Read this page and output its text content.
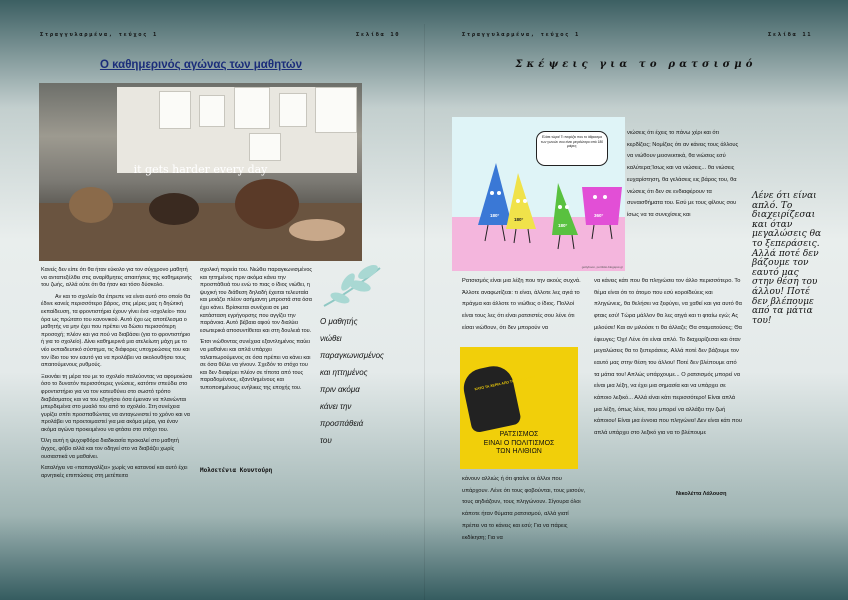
Στραγγυλαρμένα, τεύχος 1	Σελίδα 10
Ο καθημερινός αγώνας των μαθητών
it gets harder every day

Κανείς δεν είπε ότι θα ήταν εύκολο για τον σύγχρονο μαθητή να ανταπεξέλθει στις αναρίθμητες απαιτήσεις της καθημερινής του ζωής, αλλά ούτε ότι θα ήταν και τόσο δύσκολο.

Αν και το σχολείο θα έπρεπε να είναι αυτό στο οποίο θα έδινε κανείς περισσότερο βάρος, στις μέρες μας η δηώτική εκπαίδευση, τα φροντιστήρια έχουν γίνει ένα «σχολείο» που όρα ως πρώτατο του κανονικού. Αυτό έχει ως αποτέλεσμα ο μαθητής να μην έχει που πρέπει να δώσει περισσότερη προσοχή; πλέον και για πού να διαβάσει (για το φροντιστήριο ή για το σχολείο). Δίνει καθημερινά μια ατελείωτη μάχη με το νέο εκπαιδευτικό σύστημα, τις διάφορες υποχρεώσεις του και τον ίδιο του τον εαυτό για να προλάβει να ακολουθήσει τους απαιτούμενους ρυθμούς.

Ξεκινάει τη μέρα του με το σχολείο παλεύοντας να αφομοιώσει όσο το δυνατόν περισσότερες γνώσεις, κατόπιν σπεύδει στο φροντιστήριο για να τον κατευθύνει στο σωστό τρόπο διαβάσματος και να του εξηγήσει όσα έμειναν να πλανώνται μπερδεμένα στο μυαλό του από το σχολείο. Στη συνέχεια γυρίζει σπίτι προσπαθώντας να ανταγωνιστεί το χρόνο και να προλάβει να προετοιμαστεί για μια ακόμα μέρα, για έναν ακόμα αγώνα προκειμένου να φτάσει στο στόχο του.

Όλη αυτή η ψυχοφθόρα διαδικασία προκαλεί στο μαθητή άγχος, φόβο αλλά και τον οδηγεί στο να διαβάζει χωρίς ουσιαστικά να μαθαίνει.

Καταλήγει να «παπαγαλίζει» χωρίς να κατανοεί και αυτό έχει αρνητικές επιπτώσεις στη μετέπειτα

σχολική πορεία του. Νιώθει παραγκωνισμένος και ηττημένος πριν ακόμα κάνει την προσπάθειά του ενώ το πιας ο ίδιος νιώθει, η ψυχική του διάθεση δηλαδή έχειται τελευταία και μοιάζει πλέον ασήμαντη μπροστά στα όσα έχει κάνει. Βρίσκεται συνέχεια σε μια κατάσταση εγρήγορσης που αγγίζει την παράνοια. Αυτό βέβαια αφού τον διαλύει εσωτερικά αποσυντίθεται και στη δουλειά του.

Έτσι νιώθοντας συνέχεια εξαντλημένος παύει να μαθαίνει και απλά υπάρχει ταλαιπωρούμενος σε όσα πρέπει να κάνει και σε όσα θέλει να γίνουν. Σχεδόν το στόχο του και δεν διαφέρει πλέον σε τίποτα από τους παραδομένους, εξαντλημένους και τυποποιημένους ενήλικες της εποχής του.

Μολσετένια Κουντούρη
Ο μαθητής
νιώθει
παραγκωνισμένος
και ηττημένος
πριν ακόμα
κάνει την
προσπάθειά
του
Στραγγυλαρμένα, τεύχος 1	Σελίδα 11
Σκέψεις για το ρατσισμό
Ελάτε τώρα! Τι πειράζει που το άθροισμα των γωνιών σου είναι μεγαλύτερο από 180 μοίρες;
180°
180°
180°
360°
gottyboon, portfolio.blogspot.gr
νιώσεις ότι έχεις το πάνω χέρι και ότι κερδίζεις; Νομίζεις ότι αν κάνεις τους άλλους να νιώθουν μειονεκτικά, θα νιώσεις εσύ καλύτερα;Ίσως και να νιώσεις... θα νιώσεις ευχαρίστηση, θα γελάσεις εις βάρος του, θα νιώσεις ότι δεν σε ενδιαφέρουν τα συναισθήματα του. Εσύ με τους φίλους σου ίσως να τα συνεχίσεις και
Ρατσισμός είναι μια λέξη που την ακούς συχνά. Άλλοτε αναφωτίζεαι: τι είναι, άλλοτε λες αγιά το πράγμα και άλλοτε το νιώθεις ο ίδιος. Πολλοί είναι τους λες ότι είναι ρατσιστές σου λένε ότι είσαι νιώθουν, ότι δεν μπορούν να
ΚΑΤΩ ΤΑ ΧΕΡΙΑ ΑΠΟ ΤΟΝ ΦΙΛΟ ΜΟΥ
ΡΑΤΣΙΣΜΟΣ
ΕΙΝΑΙ Ο ΠΟΛΙΤΙΣΜΟΣ
ΤΩΝ ΗΛΙΘΙΩΝ
κάνουν αλλιώς ή ότι φταίνε οι άλλοι που υπάρχουν. Λένε ότι τους φοβούνται, τους μισούν, τους αηδιάζουν, τους πληγώνουν. Σίγουρα όλοι κάποτε ήταν θύματα ρατσισμού, αλλά γιατί πρέπει να το κάνεις και εσύ; Για να πάρεις εκδίκηση; Για να
να κάνεις κάτι που θα πληγώσει τον άλλο περισσότερο. Το θέμα είναι ότι το άτομο που εσύ κοροϊδεύεις και πληγώνεις, θα θελήσει να ξεφύγει, να χαθεί και για αυτό θα φταις εσύ! Τώρα μάλλον θα λες αηγά και τι φταίω εγώ; Ας μιλούσε! Και αν μιλούσε τι θα άλλαζε; Θα σταματούσες; Θα έφευγες; Όχι! Λένε ότι είναι απλό. Το διαχειρίζεσαι και όταν μεγαλώσεις θα το ξεπεράσεις. Αλλά ποτέ δεν βάζουμε τον εαυτό μας στην θέση του άλλου! Ποτέ δεν βλέπουμε από τα μάτια του! Απλώς υπάρχουμε... Ο ρατσισμός μπορεί να είναι μια λέξη, να έχει μια σημασία και να υπάρχει σε κάποιο λεξικό... Αλλά είναι κάτι περισσότερο! Είναι απλά μια λέξη, όπως λένε, που μπορεί να αλλάξει την ζωή κάποιου! Είναι μια έννοια που πληγώνει! Δεν είναι κάτι που απλά υπάρχει στο λεξικό για να το βλέπουμε
Νικολέττα Λάλουση
Λένε ότι είναι απλό. Το διαχειρίζεσαι και όταν μεγαλώσεις θα το ξεπεράσεις. Αλλά ποτέ δεν βάζουμε τον εαυτό μας στην θέση του άλλου! Ποτέ δεν βλέπουμε από τα μάτια του!
